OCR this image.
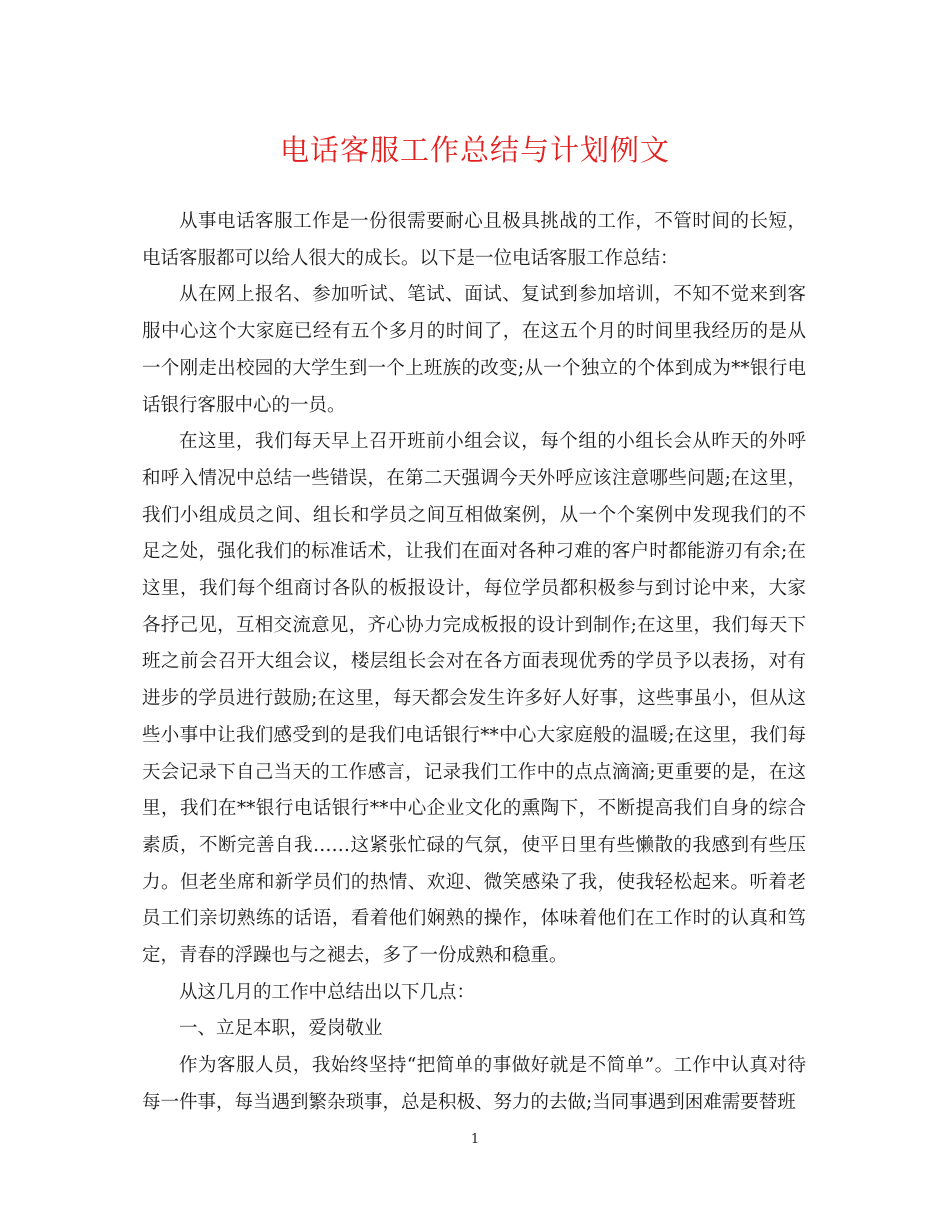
电话客服工作总结与计划例文

从事电话客服工作是一份很需要耐心且极具挑战的工作，不管时间的长短，电话客服都可以给人很大的成长。以下是一位电话客服工作总结：

从在网上报名、参加听试、笔试、面试、复试到参加培训，不知不觉来到客服中心这个大家庭已经有五个多月的时间了，在这五个月的时间里我经历的是从一个刚走出校园的大学生到一个上班族的改变;从一个独立的个体到成为**银行电话银行客服中心的一员。

在这里，我们每天早上召开班前小组会议，每个组的小组长会从昨天的外呼和呼入情况中总结一些错误，在第二天强调今天外呼应该注意哪些问题;在这里，我们小组成员之间、组长和学员之间互相做案例，从一个个案例中发现我们的不足之处，强化我们的标准话术，让我们在面对各种刁难的客户时都能游刃有余;在这里，我们每个组商讨各队的板报设计，每位学员都积极参与到讨论中来，大家各抒己见，互相交流意见，齐心协力完成板报的设计到制作;在这里，我们每天下班之前会召开大组会议，楼层组长会对在各方面表现优秀的学员予以表扬，对有进步的学员进行鼓励;在这里，每天都会发生许多好人好事，这些事虽小，但从这些小事中让我们感受到的是我们电话银行**中心大家庭般的温暖;在这里，我们每天会记录下自己当天的工作感言，记录我们工作中的点点滴滴;更重要的是，在这里，我们在**银行电话银行**中心企业文化的熏陶下，不断提高我们自身的综合素质，不断完善自我……这紧张忙碌的气氛，使平日里有些懒散的我感到有些压力。但老坐席和新学员们的热情、欢迎、微笑感染了我，使我轻松起来。听着老员工们亲切熟练的话语，看着他们娴熟的操作，体味着他们在工作时的认真和笃定，青春的浮躁也与之褪去，多了一份成熟和稳重。

从这几月的工作中总结出以下几点：

一、立足本职，爱岗敬业

作为客服人员，我始终坚持“把简单的事做好就是不简单”。工作中认真对待每一件事，每当遇到繁杂琐事，总是积极、努力的去做;当同事遇到困难需要替班

1
